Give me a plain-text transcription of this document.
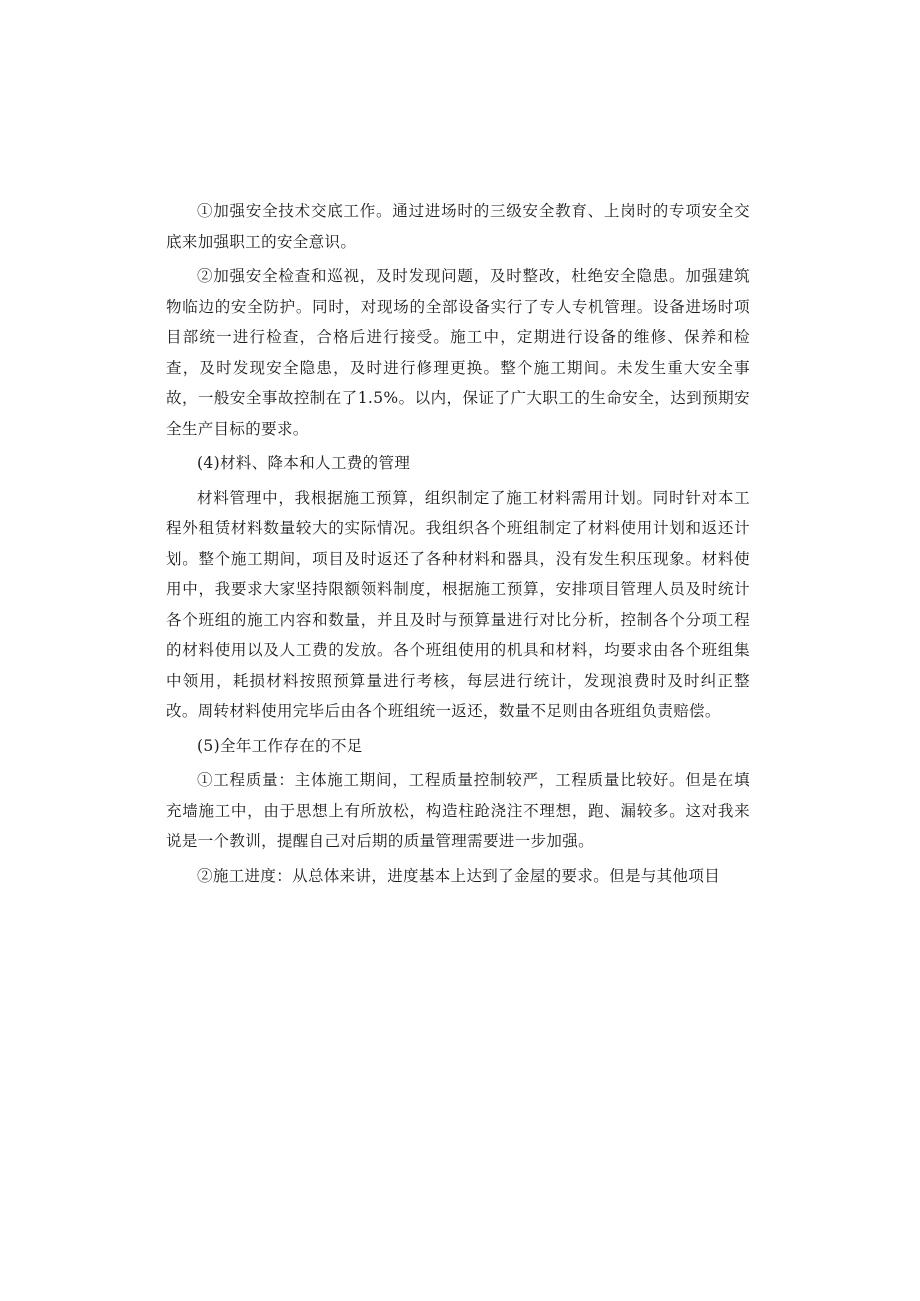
①加强安全技术交底工作。通过进场时的三级安全教育、上岗时的专项安全交底来加强职工的安全意识。

②加强安全检查和巡视，及时发现问题，及时整改，杜绝安全隐患。加强建筑物临边的安全防护。同时，对现场的全部设备实行了专人专机管理。设备进场时项目部统一进行检查，合格后进行接受。施工中，定期进行设备的维修、保养和检查，及时发现安全隐患，及时进行修理更换。整个施工期间。未发生重大安全事故，一般安全事故控制在了1.5%。以内，保证了广大职工的生命安全，达到预期安全生产目标的要求。

(4)材料、降本和人工费的管理

材料管理中，我根据施工预算，组织制定了施工材料需用计划。同时针对本工程外租赁材料数量较大的实际情况。我组织各个班组制定了材料使用计划和返还计划。整个施工期间，项目及时返还了各种材料和器具，没有发生积压现象。材料使用中，我要求大家坚持限额领料制度，根据施工预算，安排项目管理人员及时统计各个班组的施工内容和数量，并且及时与预算量进行对比分析，控制各个分项工程的材料使用以及人工费的发放。各个班组使用的机具和材料，均要求由各个班组集中领用，耗损材料按照预算量进行考核，每层进行统计，发现浪费时及时纠正整改。周转材料使用完毕后由各个班组统一返还，数量不足则由各班组负责赔偿。

(5)全年工作存在的不足

①工程质量：主体施工期间，工程质量控制较严，工程质量比较好。但是在填充墙施工中，由于思想上有所放松，构造柱跄浇注不理想，跑、漏较多。这对我来说是一个教训，提醒自己对后期的质量管理需要进一步加强。

②施工进度：从总体来讲，进度基本上达到了金屋的要求。但是与其他项目
